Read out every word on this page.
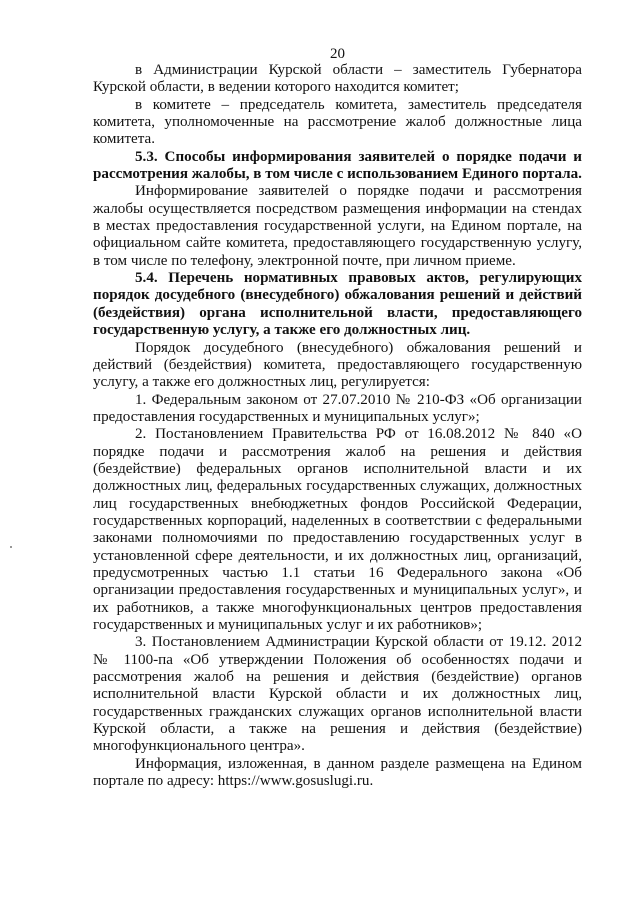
20

в Администрации Курской области – заместитель Губернатора Курской области, в ведении которого находится комитет;

в комитете – председатель комитета, заместитель председателя комитета, уполномоченные на рассмотрение жалоб должностные лица комитета.

5.3. Способы информирования заявителей о порядке подачи и рассмотрения жалобы, в том числе с использованием Единого портала.

Информирование заявителей о порядке подачи и рассмотрения жалобы осуществляется посредством размещения информации на стендах в местах предоставления государственной услуги, на Едином портале, на официальном сайте комитета, предоставляющего государственную услугу, в том числе по телефону, электронной почте, при личном приеме.

5.4. Перечень нормативных правовых актов, регулирующих порядок досудебного (внесудебного) обжалования решений и действий (бездействия) органа исполнительной власти, предоставляющего государственную услугу, а также его должностных лиц.

Порядок досудебного (внесудебного) обжалования решений и действий (бездействия) комитета, предоставляющего государственную услугу, а также его должностных лиц, регулируется:

1. Федеральным законом от 27.07.2010 № 210-ФЗ «Об организации предоставления государственных и муниципальных услуг»;

2. Постановлением Правительства РФ от 16.08.2012 № 840 «О порядке подачи и рассмотрения жалоб на решения и действия (бездействие) федеральных органов исполнительной власти и их должностных лиц, федеральных государственных служащих, должностных лиц государственных внебюджетных фондов Российской Федерации, государственных корпораций, наделенных в соответствии с федеральными законами полномочиями по предоставлению государственных услуг в установленной сфере деятельности, и их должностных лиц, организаций, предусмотренных частью 1.1 статьи 16 Федерального закона «Об организации предоставления государственных и муниципальных услуг», и их работников, а также многофункциональных центров предоставления государственных и муниципальных услуг и их работников»;

3. Постановлением Администрации Курской области от 19.12. 2012 № 1100-па «Об утверждении Положения об особенностях подачи и рассмотрения жалоб на решения и действия (бездействие) органов исполнительной власти Курской области и их должностных лиц, государственных гражданских служащих органов исполнительной власти Курской области, а также на решения и действия (бездействие) многофункционального центра».

Информация, изложенная, в данном разделе размещена на Едином портале по адресу: https://www.gosuslugi.ru.
